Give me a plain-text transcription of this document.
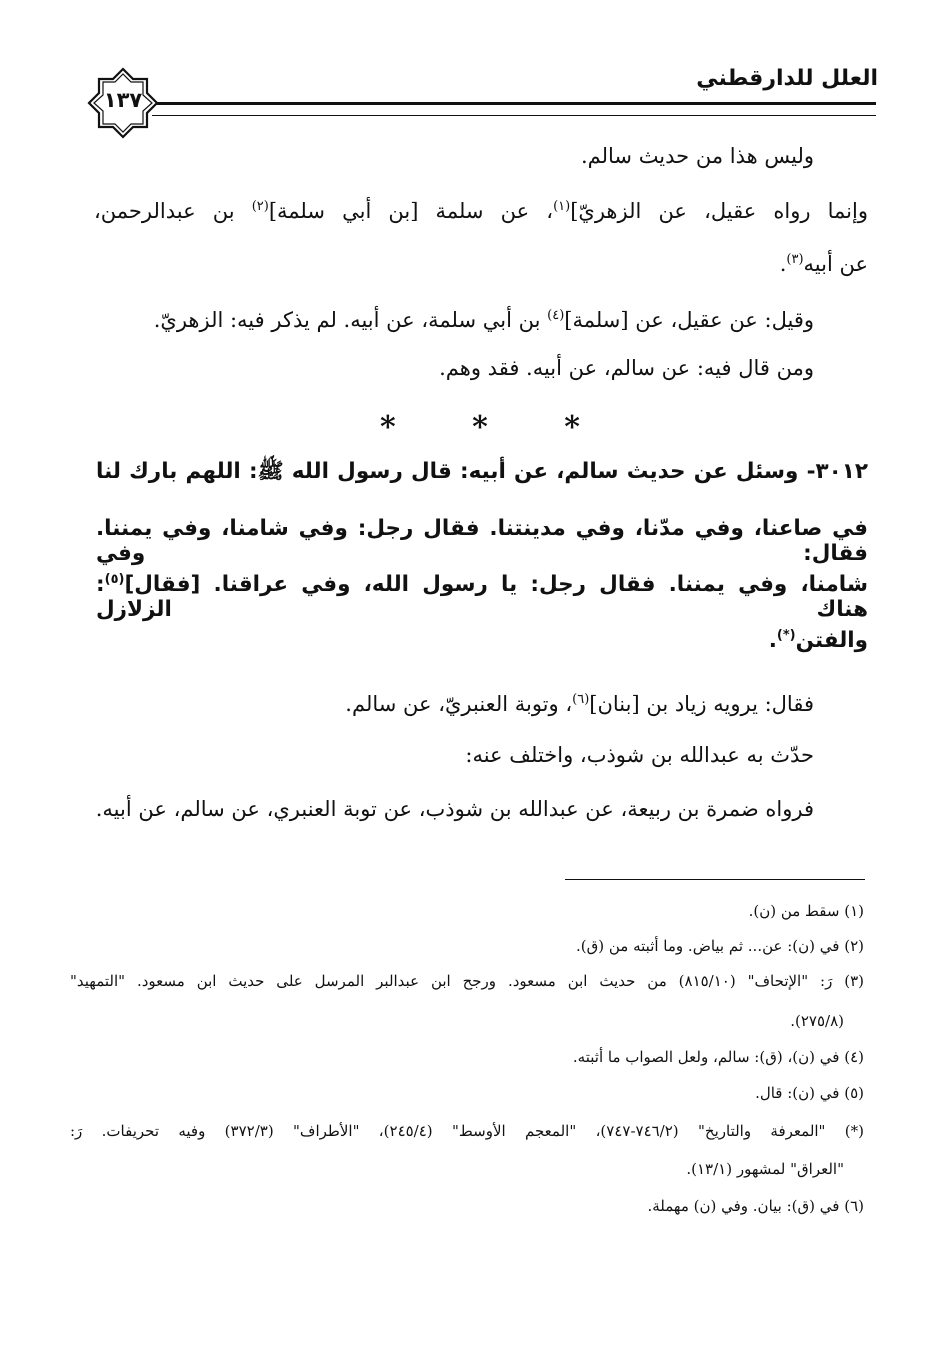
العلل للدارقطني
١٣٧
وليس هذا من حديث سالم.
وإنما رواه عقيل، عن الزهريّ]$^{(١)}$، عن سلمة [بن أبي سلمة]$^{(٢)}$ بن عبدالرحمن،
عن أبيه$^{(٣)}$.
وقيل: عن عقيل، عن [سلمة]$^{(٤)}$ بن أبي سلمة، عن أبيه. لم يذكر فيه: الزهريّ.
ومن قال فيه: عن سالم، عن أبيه. فقد وهم.
*	*	*
٣٠١٢- وسئل عن حديث سالم، عن أبيه: قال رسول الله ﷺ: اللهم بارك لنا
في صاعنا، وفي مدّنا، وفي مدينتنا. فقال رجل: وفي شامنا، وفي يمننا. فقال: وفي
شامنا، وفي يمننا. فقال رجل: يا رسول الله، وفي عراقنا. [فقال]$^{(٥)}$: هناك الزلازل
والفتن(*).
فقال: يرويه زياد بن [بنان]$^{(٦)}$، وتوبة العنبريّ، عن سالم.
حدّث به عبدالله بن شوذب، واختلف عنه:
فرواه ضمرة بن ربيعة، عن عبدالله بن شوذب، عن توبة العنبري، عن سالم، عن أبيه.
(١) سقط من (ن).
(٢) في (ن): عن... ثم بياض. وما أثبته من (ق).
(٣) رَ: "الإتحاف" (٨١٥/١٠) من حديث ابن مسعود. ورجح ابن عبدالبر المرسل على حديث ابن مسعود. "التمهيد"
(٢٧٥/٨).
(٤) في (ن)، (ق): سالم، ولعل الصواب ما أثبته.
(٥) في (ن): قال.
(*) "المعرفة والتاريخ" (٧٤٦/٢-٧٤٧)، "المعجم الأوسط" (٢٤٥/٤)، "الأطراف" (٣٧٢/٣) وفيه تحريفات. رَ:
"العراق" لمشهور (١٣/١).
(٦) في (ق): بيان. وفي (ن) مهملة.
